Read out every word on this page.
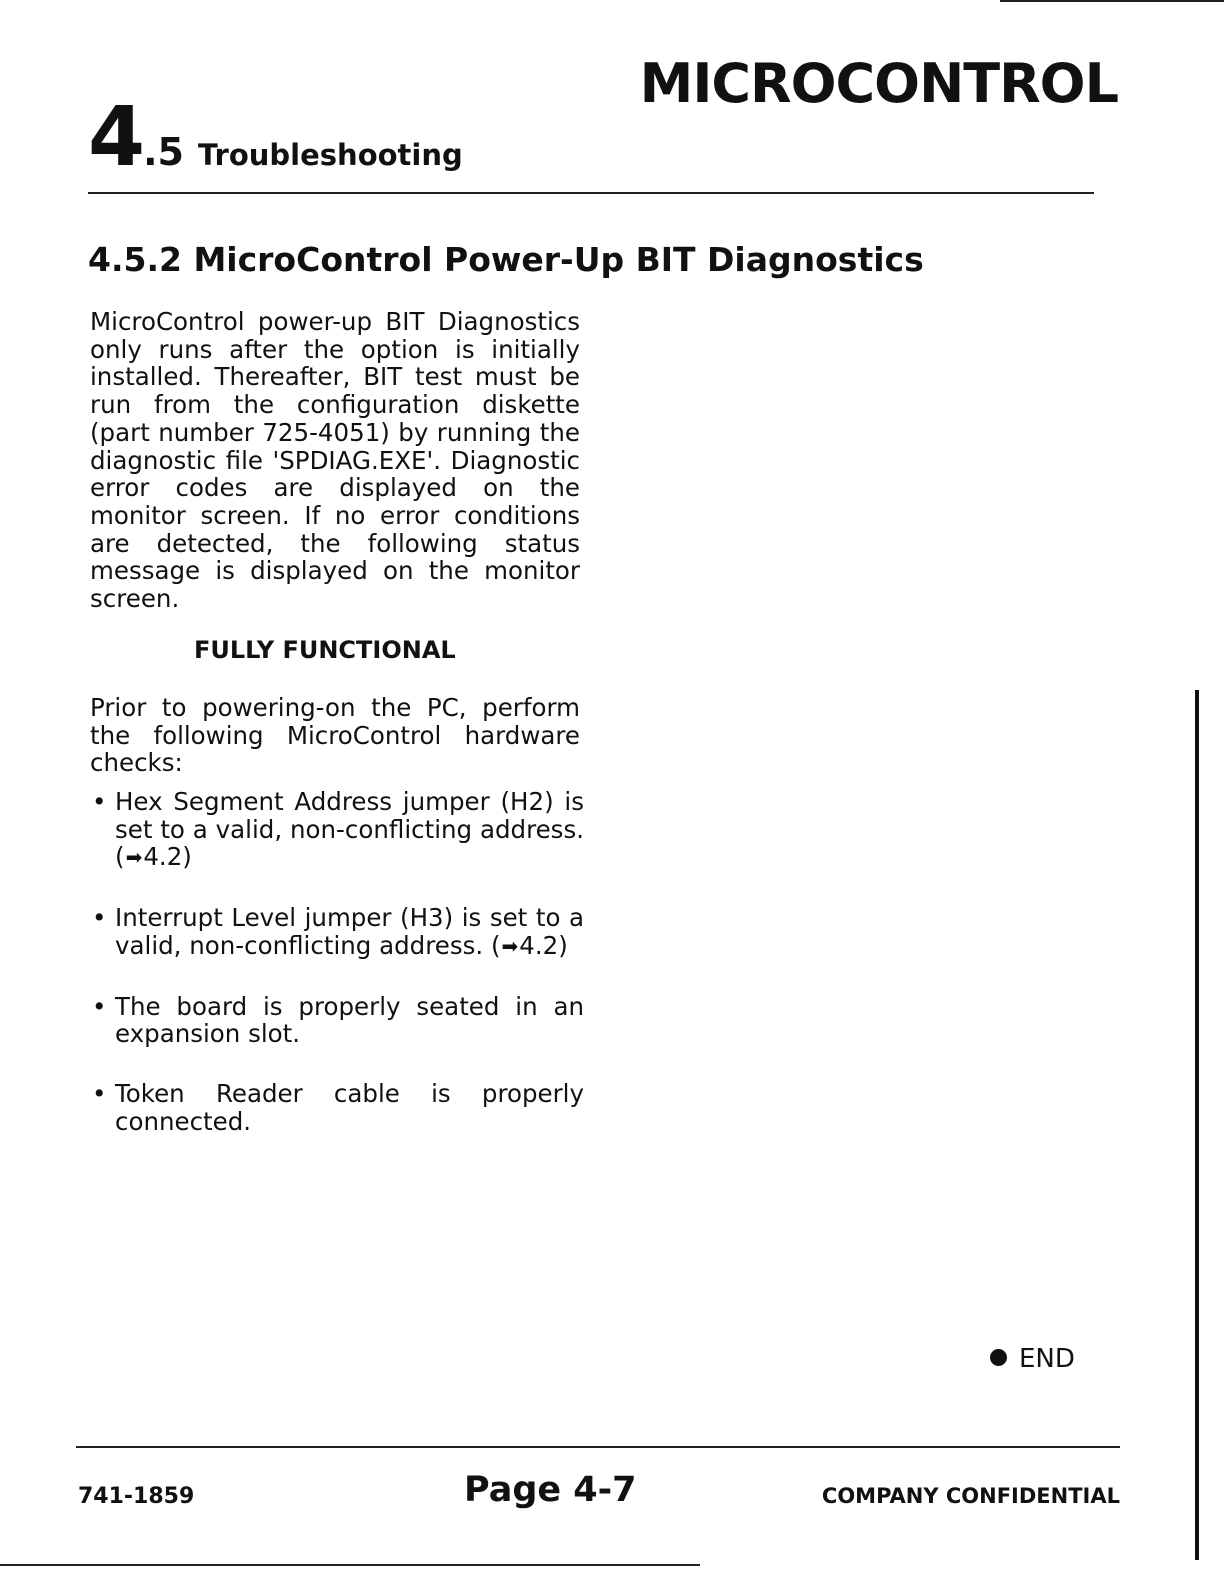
MICROCONTROL
4.5 Troubleshooting
4.5.2 MicroControl Power-Up BIT Diagnostics
MicroControl power-up BIT Diagnostics only runs after the option is initially installed. Thereafter, BIT test must be run from the configuration diskette (part number 725-4051) by running the diagnostic file 'SPDIAG.EXE'. Diagnostic error codes are displayed on the monitor screen. If no error conditions are detected, the following status message is displayed on the monitor screen.
FULLY FUNCTIONAL
Prior to powering-on the PC, perform the following MicroControl hardware checks:
• Hex Segment Address jumper (H2) is set to a valid, non-conflicting address. (➡4.2)
• Interrupt Level jumper (H3) is set to a valid, non-conflicting address. (➡4.2)
• The board is properly seated in an expansion slot.
• Token Reader cable is properly connected.
END
741-1859	Page 4-7	COMPANY CONFIDENTIAL
